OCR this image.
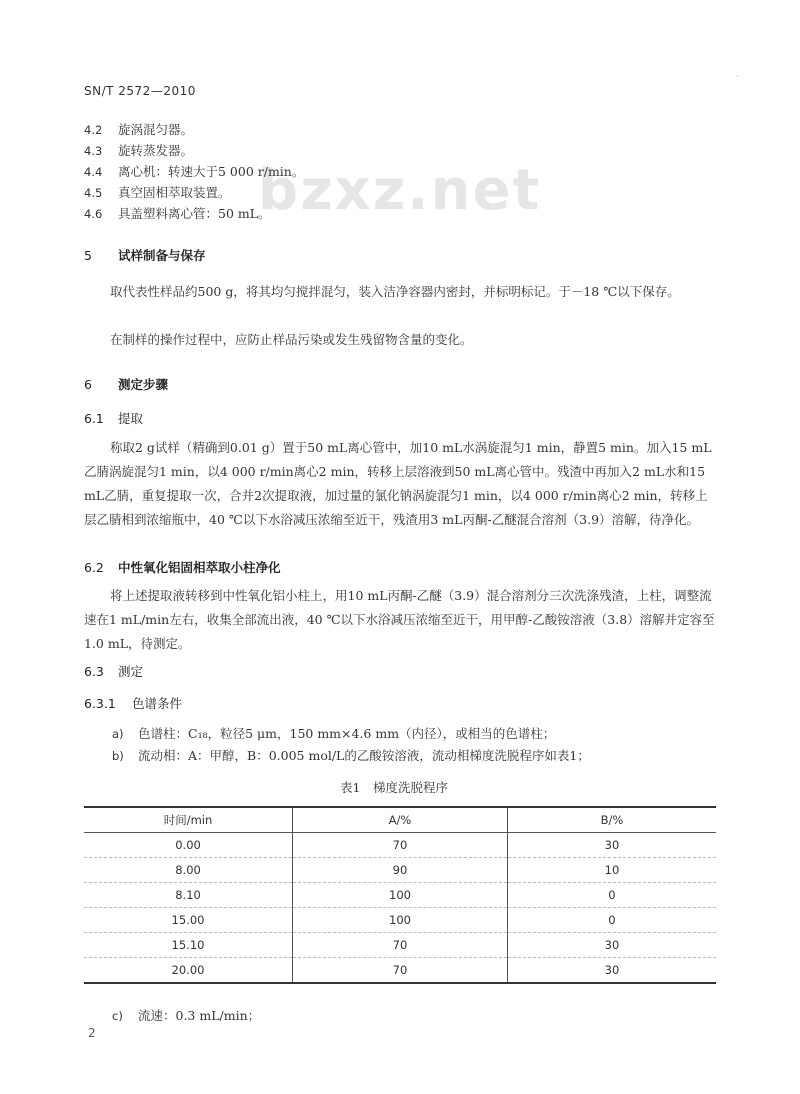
bzxz.net
SN/T 2572—2010
·
4.2 旋涡混匀器。
4.3 旋转蒸发器。
4.4 离心机：转速大于5 000 r/min。
4.5 真空固相萃取装置。
4.6 具盖塑料离心管：50 mL。
5 试样制备与保存

取代表性样品约500 g，将其均匀搅拌混匀，装入洁净容器内密封，并标明标记。于－18 ℃以下保存。

在制样的操作过程中，应防止样品污染或发生残留物含量的变化。

6 测定步骤
6.1 提取

称取2 g试样（精确到0.01 g）置于50 mL离心管中，加10 mL水涡旋混匀1 min，静置5 min。加入15 mL乙腈涡旋混匀1 min，以4 000 r/min离心2 min，转移上层溶液到50 mL离心管中。残渣中再加入2 mL水和15 mL乙腈，重复提取一次，合并2次提取液，加过量的氯化钠涡旋混匀1 min，以4 000 r/min离心2 min，转移上层乙腈相到浓缩瓶中，40 ℃以下水浴减压浓缩至近干，残渣用3 mL丙酮-乙醚混合溶剂（3.9）溶解，待净化。

6.2 中性氧化铝固相萃取小柱净化

将上述提取液转移到中性氧化铝小柱上，用10 mL丙酮-乙醚（3.9）混合溶剂分三次洗涤残渣，上柱，调整流速在1 mL/min左右，收集全部流出液，40 ℃以下水浴减压浓缩至近干，用甲醇-乙酸铵溶液（3.8）溶解并定容至1.0 mL，待测定。

6.3 测定
6.3.1 色谱条件
a) 色谱柱：C₁₈，粒径5 μm，150 mm×4.6 mm（内径），或相当的色谱柱；
b) 流动相：A：甲醇，B：0.005 mol/L的乙酸铵溶液，流动相梯度洗脱程序如表1；
表1　梯度洗脱程序
时间/min	A/%	B/%
0.00	70	30
8.00	90	10
8.10	100	0
15.00	100	0
15.10	70	30
20.00	70	30
c) 流速：0.3 mL/min；
2
